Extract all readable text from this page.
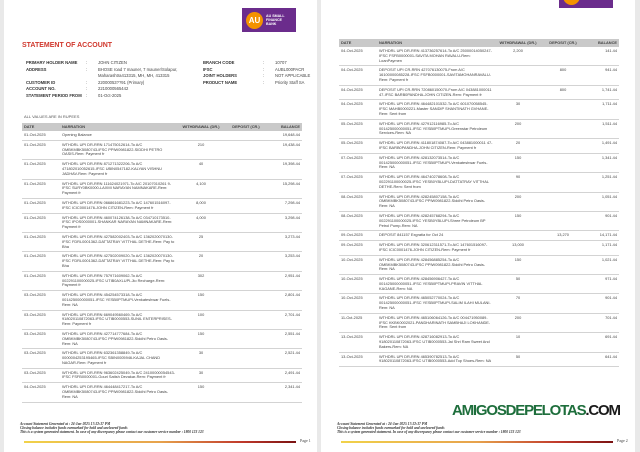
AU	AU SMALL FINANCE BANK
STATEMENT OF ACCOUNT
PRIMARY HOLDER NAME	:	JOHN CITIZEN
ADDRESS	:	BHOSE road 7 mauner, 7 mauner/Solapur, Maharashtra413315, MH, MH, 413315
CUSTOMER ID	:	22000053??91 (Primary)
ACCOUNT NO.	:	2210000565442
STATEMENT PERIOD FROM	:	01-Oct-2025
BRANCH CODE	:	10707
IFSC	:	AUBL000PACR
JOINT HOLDERS	:	NOT APPLICABLE
PRODUCT NAME	:	Priority Staff SA
ALL VALUES ARE IN RUPEES
DATE	NARRATION	WITHDRAWAL (DR.)	DEPOSIT (CR.)	BALANCE
01-Oct-2025	Opening Balance			19,648.44
01-Oct-2025	WTHDRL UPI DR-RRN 171475012614-To A/C OMBKMBK5080743-IFSC PPIW0981822-SIDDHI PETRO OASIS-Rem: Payment fr	210		19,438.44
01-Oct-2025	WTHDRL UPI DR-RRN 871271322206-To A/C 471802010052615-IFSC UBIN0547182-KALYAN VISHNU JADHAV-Rem: Payment fr	40		19,398.44
01-Oct-2025	WTHDRL UPI DR-RRN 111624021971-To A/C 20107010261 9-IFSC SURY0BK0000-LAXMI NARAYAN NAMNAKARE-Rem: Payment fr	4,100		15,298.44
01-Oct-2025	WTHDRL UPI DR-RRN 066861681223-To A/C 147601516097-IFSC ICIC0001476-JOHN CITIZEN-Rem: Payment fr	8,000		7,298.44
01-Oct-2025	WTHDRL UPI DR-RRN 460074126138-To A/C 034710173510-IFSC IPOS0000001-SHANKAR NARAYAN NAMNAKARE-Rem: Payment fr	4,000		3,298.44
01-Oct-2025	WTHDRL UPI DR-RRN 427582002403-To A/C 1362020070130-IFSC FDRL0001362-DATTATRAY VITTHAL DETHE-Rem: Pay to Bha	25		3,273.44
01-Oct-2025	WTHDRL UPI DR-RRN 427502009020-To A/C 1362020070130-IFSC FDRL0001362-DATTATRAY VITTHAL DETHE-Rem: Pay to Bha	20		3,253.44
01-Oct-2025	WTHDRL UPI DR-RRN 757971609062-To A/C 002291100000025-IFSC UTIB0AXLUPI-Jio Recharge-Rem: Payment fr	302		2,951.44
03-Oct-2025	WTHDRL UPI DR-RRN 454254573318-To A/C 001425000000051-IFSC YESB0PTMUPI-Venkateshwar Fuels-Rem: NA	150		2,801.44
03-Oct-2025	WTHDRL UPI DR-RRN 669049560469-To A/C 918020110872063-IFSC UTIB0000553-SUNIL ENTERPRISES-Rem: Payment fr	100		2,701.44
03-Oct-2025	WTHDRL UPI DR-RRN 427714777684-To A/C OMBKMBK5080743-IFSC PPIW0981822-Siddhi Petro Oasis-Rem: NA	150		2,551.44
03-Oct-2025	WTHDRL UPI DR-RRN 632361358849-To A/C 0000004253195465-IFSC SBIN0005946-KAJAL CHAND NAGAR-Rem: Payment fr	30		2,521.44
03-Oct-2025	WTHDRL UPI DR-RRN 963602425049-To A/C 24100000054543-IFSC FSFB0000001-Gouri Satish Devakar-Rem: Payment fr	30		2,491.44
04-Oct-2025	WTHDRL UPI DR-RRN 464448417217-To A/C OMBKMBK5080743-IFSC PPIW0981822-Siddhi Petro Oasis-Rem: NA	150		2,341.44
Account Statement Generated at : 24-Jan-2025 17:22:37 PM
Closing balance includes funds earmarked for hold and uncleared funds
This is a system generated statement. In case of any discrepancy please contact our customer service number : 1800 123 123
Page 1
DATE	NARRATION	WITHDRAWAL (DR.)	DEPOSIT (CR.)	BALANCE
04-Oct-2025	WTHDRL UPI DR-RRN 413736257614-To A/C 25000014050247-IFSC FSFB0000001-SAVITA MOHAN RAVALU-Rem: LoanPaymen	2,200		141.44
04-Oct-2025	DEPOSIT UPI CR-RRN 427076130075-From A/C 16100000085228-IFSC FSFB0000001-SAVITAMOHANRAVALU-Rem: Payment fr		800	941.44
04-Oct-2025	DEPOSIT UPI CR-RRN 720860150070-From A/C 043881000011 47-IFSC BARB0PANDHA-JOHN CITIZEN-Rem: Payment fr		800	1,741.44
04-Oct-2025	WTHDRL UPI DR-RRN 464482101532-To A/C 601070058545-IFSC MAHB0000221-Master SANDIP SHANTINATH GVHANE-Rem: Sent from	30		1,711.44
05-Oct-2025	WTHDRL UPI DR-RRN 427912116985-To A/C 001425000000051-IFSC YESB0PTMUPI-Greenstar Petroleum Services-Rem: NA	200		1,511.44
05-Oct-2025	WTHDRL UPI DR-RRN 411801874087-To A/C 043881000011 47-IFSC BARB0PANDHA-JOHN CITIZEN-Rem: Payment fr	20		1,491.44
07-Oct-2025	WTHDRL UPI DR-RRN 428132073514-To A/C 001425000000051-IFSC YESB0PTMUPI-Venkateshwar Fuels-Rem: NA	150		1,341.44
07-Oct-2025	WTHDRL UPI DR-RRN 464740278608-To A/C 002291100000025-IFSC YESB0YBLUPI-DATTATRAY VITTHAL DETHE-Rem: Sent from	90		1,251.44
08-Oct-2025	WTHDRL UPI DR-RRN 428245807158-To A/C OMBKMBK5080743-IFSC PPIW0981822-Siddhi Petro Oasis-Rem: NA	200		1,051.44
08-Oct-2025	WTHDRL UPI DR-RRN 428245768294-To A/C 002291100000025-IFSC YESB0YBLUPI-Shree Petroleum BP Petrol Pump-Rem: NA	150		901.44
09-Oct-2025	DEPOSIT 841157 Exgratia for Oct 24		13,270	14,171.44
09-Oct-2025	WTHDRL UPI DR-RRN 320612311571-To A/C 147601516097-IFSC ICIC0001476-JOHN CITIZEN-Rem: Payment fr	13,000		1,171.44
10-Oct-2025	WTHDRL UPI DR-RRN 428456885254-To A/C OMBKMBK5080743-IFSC PPIW0981822-Siddhi Petro Oasis-Rem: NA	150		1,021.44
10-Oct-2025	WTHDRL UPI DR-RRN 428456906427-To A/C 001425000000051-IFSC YESB0PTMUPI-PRAVIN VITTHAL KAGANE-Rem: NA	50		971.44
10-Oct-2025	WTHDRL UPI DR-RRN 465052770024-To A/C 001425000000051-IFSC YESB0PTMUPI-SALIM ILAHI MULANI-Rem: NA	70		901.44
11-Oct-2025	WTHDRL UPI DR-RRN 465106064126-To A/C 004471950089-IFSC KKBK0002021-PANDHARINATH SAMBHAJI LOKHANDE-Rem: Sent from	200		701.44
13-Oct-2025	WTHDRL UPI DR-RRN 428716082913-To A/C 918020110872063-IFSC UTIB0000553-Jai Shri Ram Sweet And Bakers-Rem: NA	10		691.44
13-Oct-2025	WTHDRL UPI DR-RRN 465390782513-To A/C 918020110872063-IFSC UTIB0000553-Add Top Shoes-Rem: NA	50		641.44
Account Statement Generated at : 24-Jan-2025 17:22:37 PM
Closing balance includes funds earmarked for hold and uncleared funds
This is a system generated statement. In case of any discrepancy please contact our customer service number : 1800 123 123
Page 2
AMIGOSDEPELOTAS.COM
